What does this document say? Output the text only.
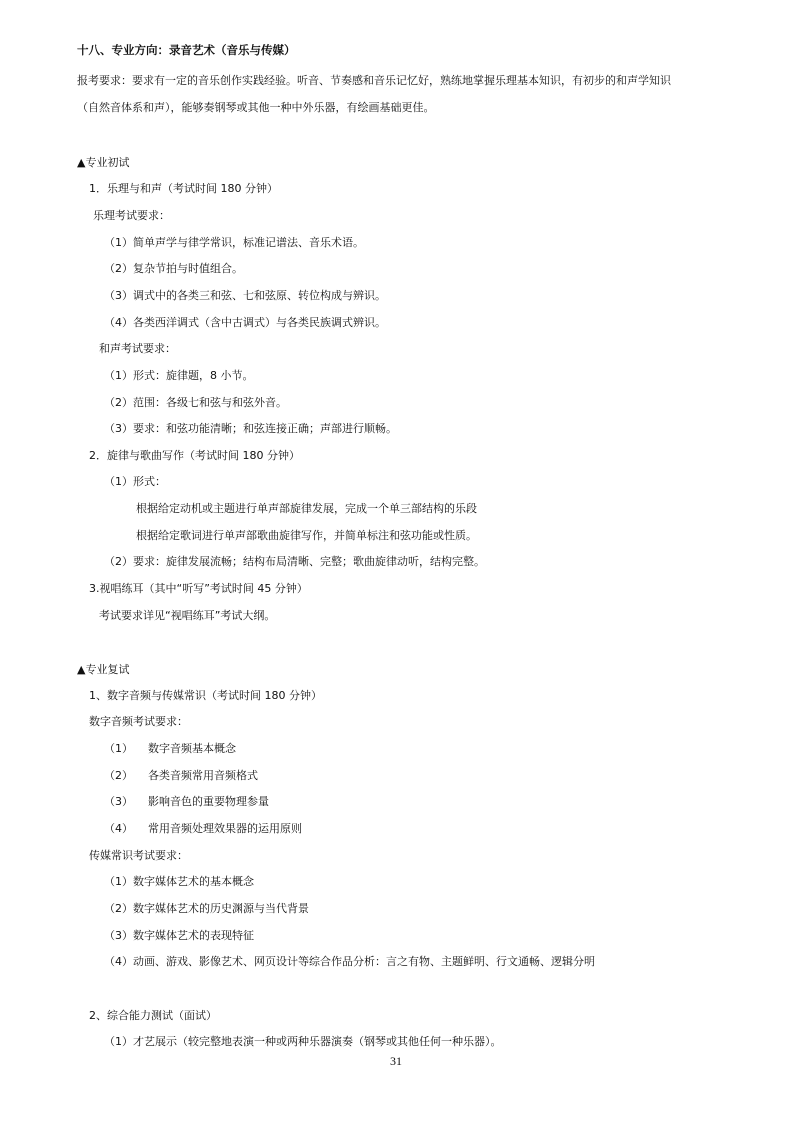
十八、专业方向：录音艺术（音乐与传媒）
报考要求：要求有一定的音乐创作实践经验。听音、节奏感和音乐记忆好，熟练地掌握乐理基本知识，有初步的和声学知识
（自然音体系和声），能够奏钢琴或其他一种中外乐器，有绘画基础更佳。
▲专业初试
1．乐理与和声（考试时间 180 分钟）
乐理考试要求：
（1）简单声学与律学常识，标准记谱法、音乐术语。
（2）复杂节拍与时值组合。
（3）调式中的各类三和弦、七和弦原、转位构成与辨识。
（4）各类西洋调式（含中古调式）与各类民族调式辨识。
和声考试要求：
（1）形式：旋律题，8 小节。
（2）范围：各级七和弦与和弦外音。
（3）要求：和弦功能清晰；和弦连接正确；声部进行顺畅。
2．旋律与歌曲写作（考试时间 180 分钟）
（1）形式：
根据给定动机或主题进行单声部旋律发展，完成一个单三部结构的乐段
根据给定歌词进行单声部歌曲旋律写作，并简单标注和弦功能或性质。
（2）要求：旋律发展流畅；结构布局清晰、完整；歌曲旋律动听，结构完整。
3.视唱练耳（其中“听写”考试时间 45 分钟）
考试要求详见“视唱练耳”考试大纲。
▲专业复试
1、数字音频与传媒常识（考试时间 180 分钟）
数字音频考试要求：
（1） 数字音频基本概念
（2） 各类音频常用音频格式
（3） 影响音色的重要物理参量
（4） 常用音频处理效果器的运用原则
传媒常识考试要求：
（1）数字媒体艺术的基本概念
（2）数字媒体艺术的历史渊源与当代背景
（3）数字媒体艺术的表现特征
（4）动画、游戏、影像艺术、网页设计等综合作品分析：言之有物、主题鲜明、行文通畅、逻辑分明
2、综合能力测试（面试）
（1）才艺展示（较完整地表演一种或两种乐器演奏（钢琴或其他任何一种乐器）。
31
